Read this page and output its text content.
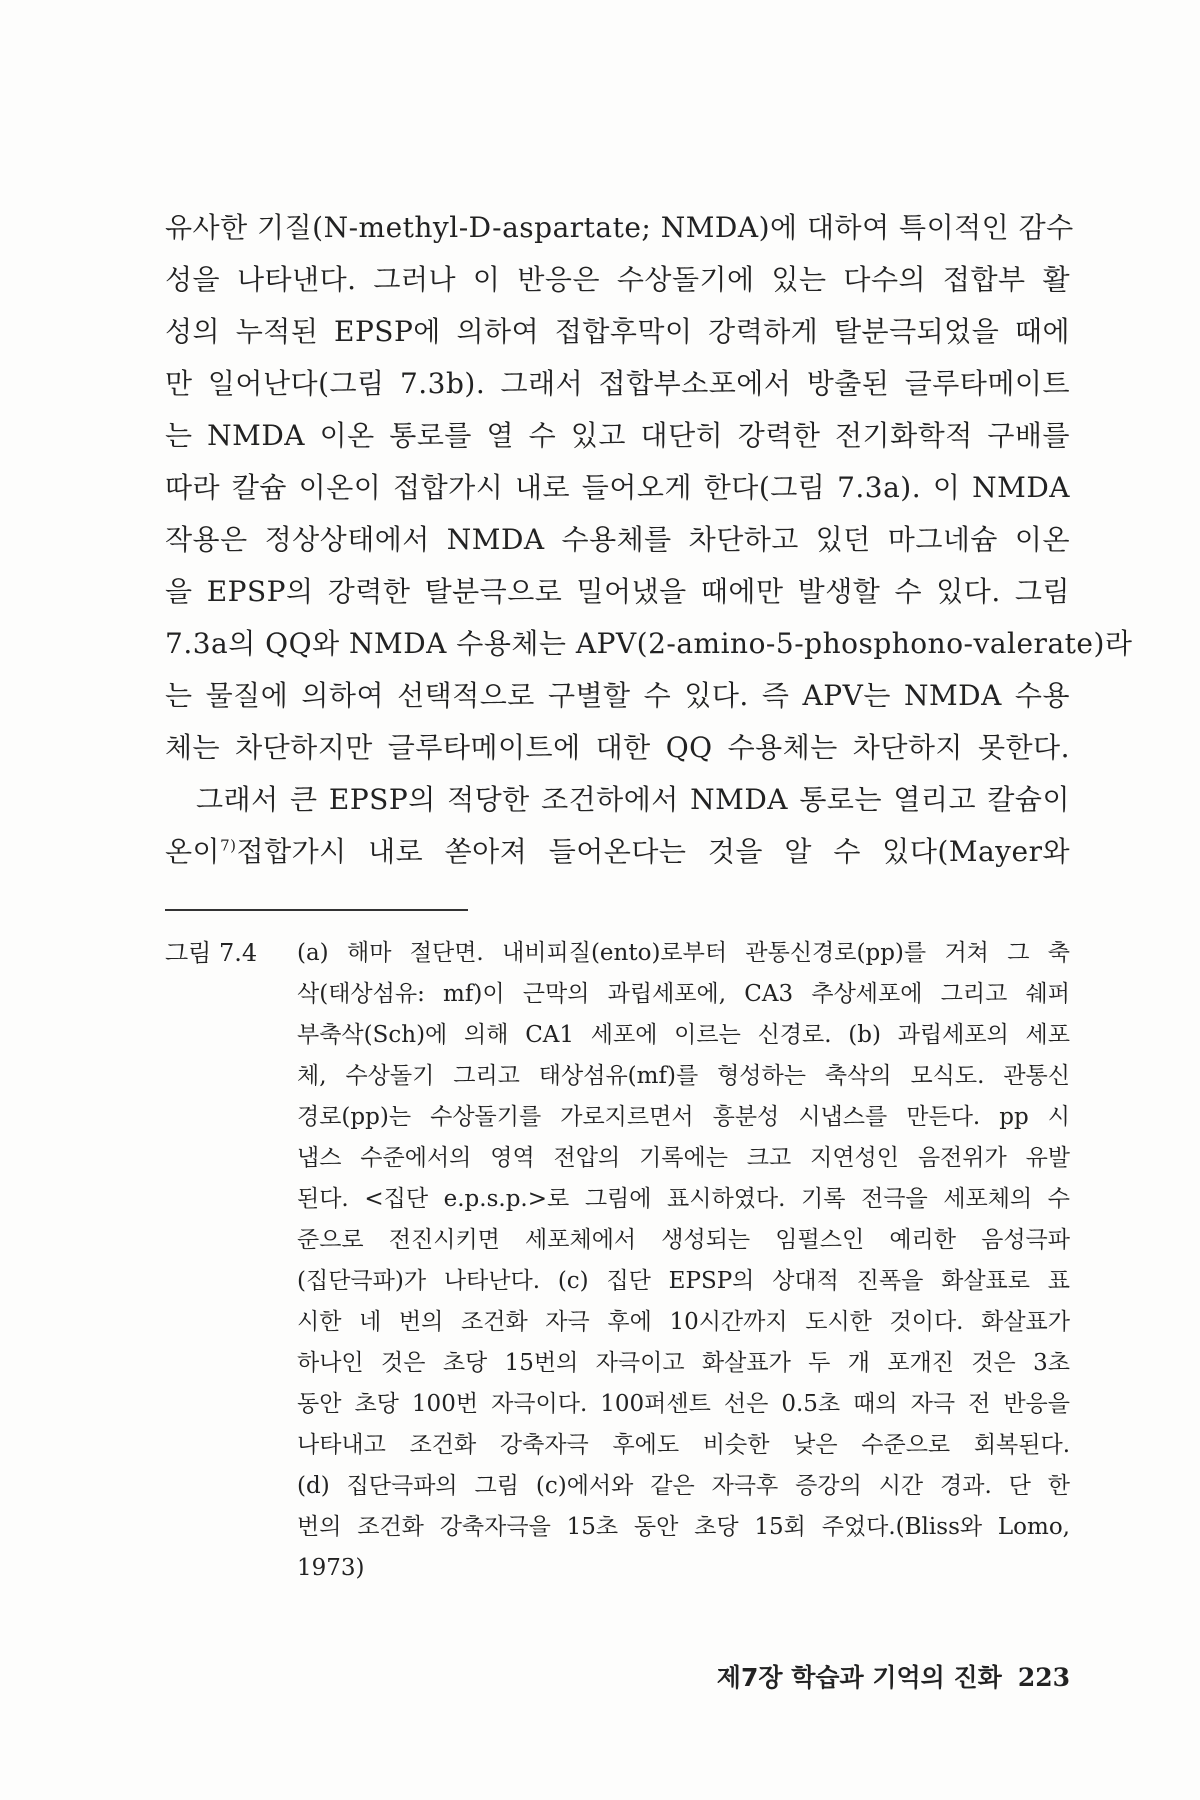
유사한 기질(N-methyl-D-aspartate; NMDA)에 대하여 특이적인 감수
성을 나타낸다. 그러나 이 반응은 수상돌기에 있는 다수의 접합부 활
성의 누적된 EPSP에 의하여 접합후막이 강력하게 탈분극되었을 때에
만 일어난다(그림 7.3b). 그래서 접합부소포에서 방출된 글루타메이트
는 NMDA 이온 통로를 열 수 있고 대단히 강력한 전기화학적 구배를
따라 칼슘 이온이 접합가시 내로 들어오게 한다(그림 7.3a). 이 NMDA
작용은 정상상태에서 NMDA 수용체를 차단하고 있던 마그네슘 이온
을 EPSP의 강력한 탈분극으로 밀어냈을 때에만 발생할 수 있다. 그림
7.3a의 QQ와 NMDA 수용체는 APV(2-amino-5-phosphono-valerate)라
는 물질에 의하여 선택적으로 구별할 수 있다. 즉 APV는 NMDA 수용
체는 차단하지만 글루타메이트에 대한 QQ 수용체는 차단하지 못한다.
그래서 큰 EPSP의 적당한 조건하에서 NMDA 통로는 열리고 칼슘이
온이$^{7)}$접합가시 내로 쏟아져 들어온다는 것을 알 수 있다(Mayer와
그림 7.4 (a) 해마 절단면. 내비피질(ento)로부터 관통신경로(pp)를 거쳐 그 축
삭(태상섬유: mf)이 근막의 과립세포에, CA3 추상세포에 그리고 쉐퍼
부축삭(Sch)에 의해 CA1 세포에 이르는 신경로. (b) 과립세포의 세포
체, 수상돌기 그리고 태상섬유(mf)를 형성하는 축삭의 모식도. 관통신
경로(pp)는 수상돌기를 가로지르면서 흥분성 시냅스를 만든다. pp 시
냅스 수준에서의 영역 전압의 기록에는 크고 지연성인 음전위가 유발
된다. <집단 e.p.s.p.>로 그림에 표시하였다. 기록 전극을 세포체의 수
준으로 전진시키면 세포체에서 생성되는 임펄스인 예리한 음성극파
(집단극파)가 나타난다. (c) 집단 EPSP의 상대적 진폭을 화살표로 표
시한 네 번의 조건화 자극 후에 10시간까지 도시한 것이다. 화살표가
하나인 것은 초당 15번의 자극이고 화살표가 두 개 포개진 것은 3초
동안 초당 100번 자극이다. 100퍼센트 선은 0.5초 때의 자극 전 반응을
나타내고 조건화 강축자극 후에도 비슷한 낮은 수준으로 회복된다.
(d) 집단극파의 그림 (c)에서와 같은 자극후 증강의 시간 경과. 단 한
번의 조건화 강축자극을 15초 동안 초당 15회 주었다.(Bliss와 Lomo,
1973)
제7장 학습과 기억의 진화 223
